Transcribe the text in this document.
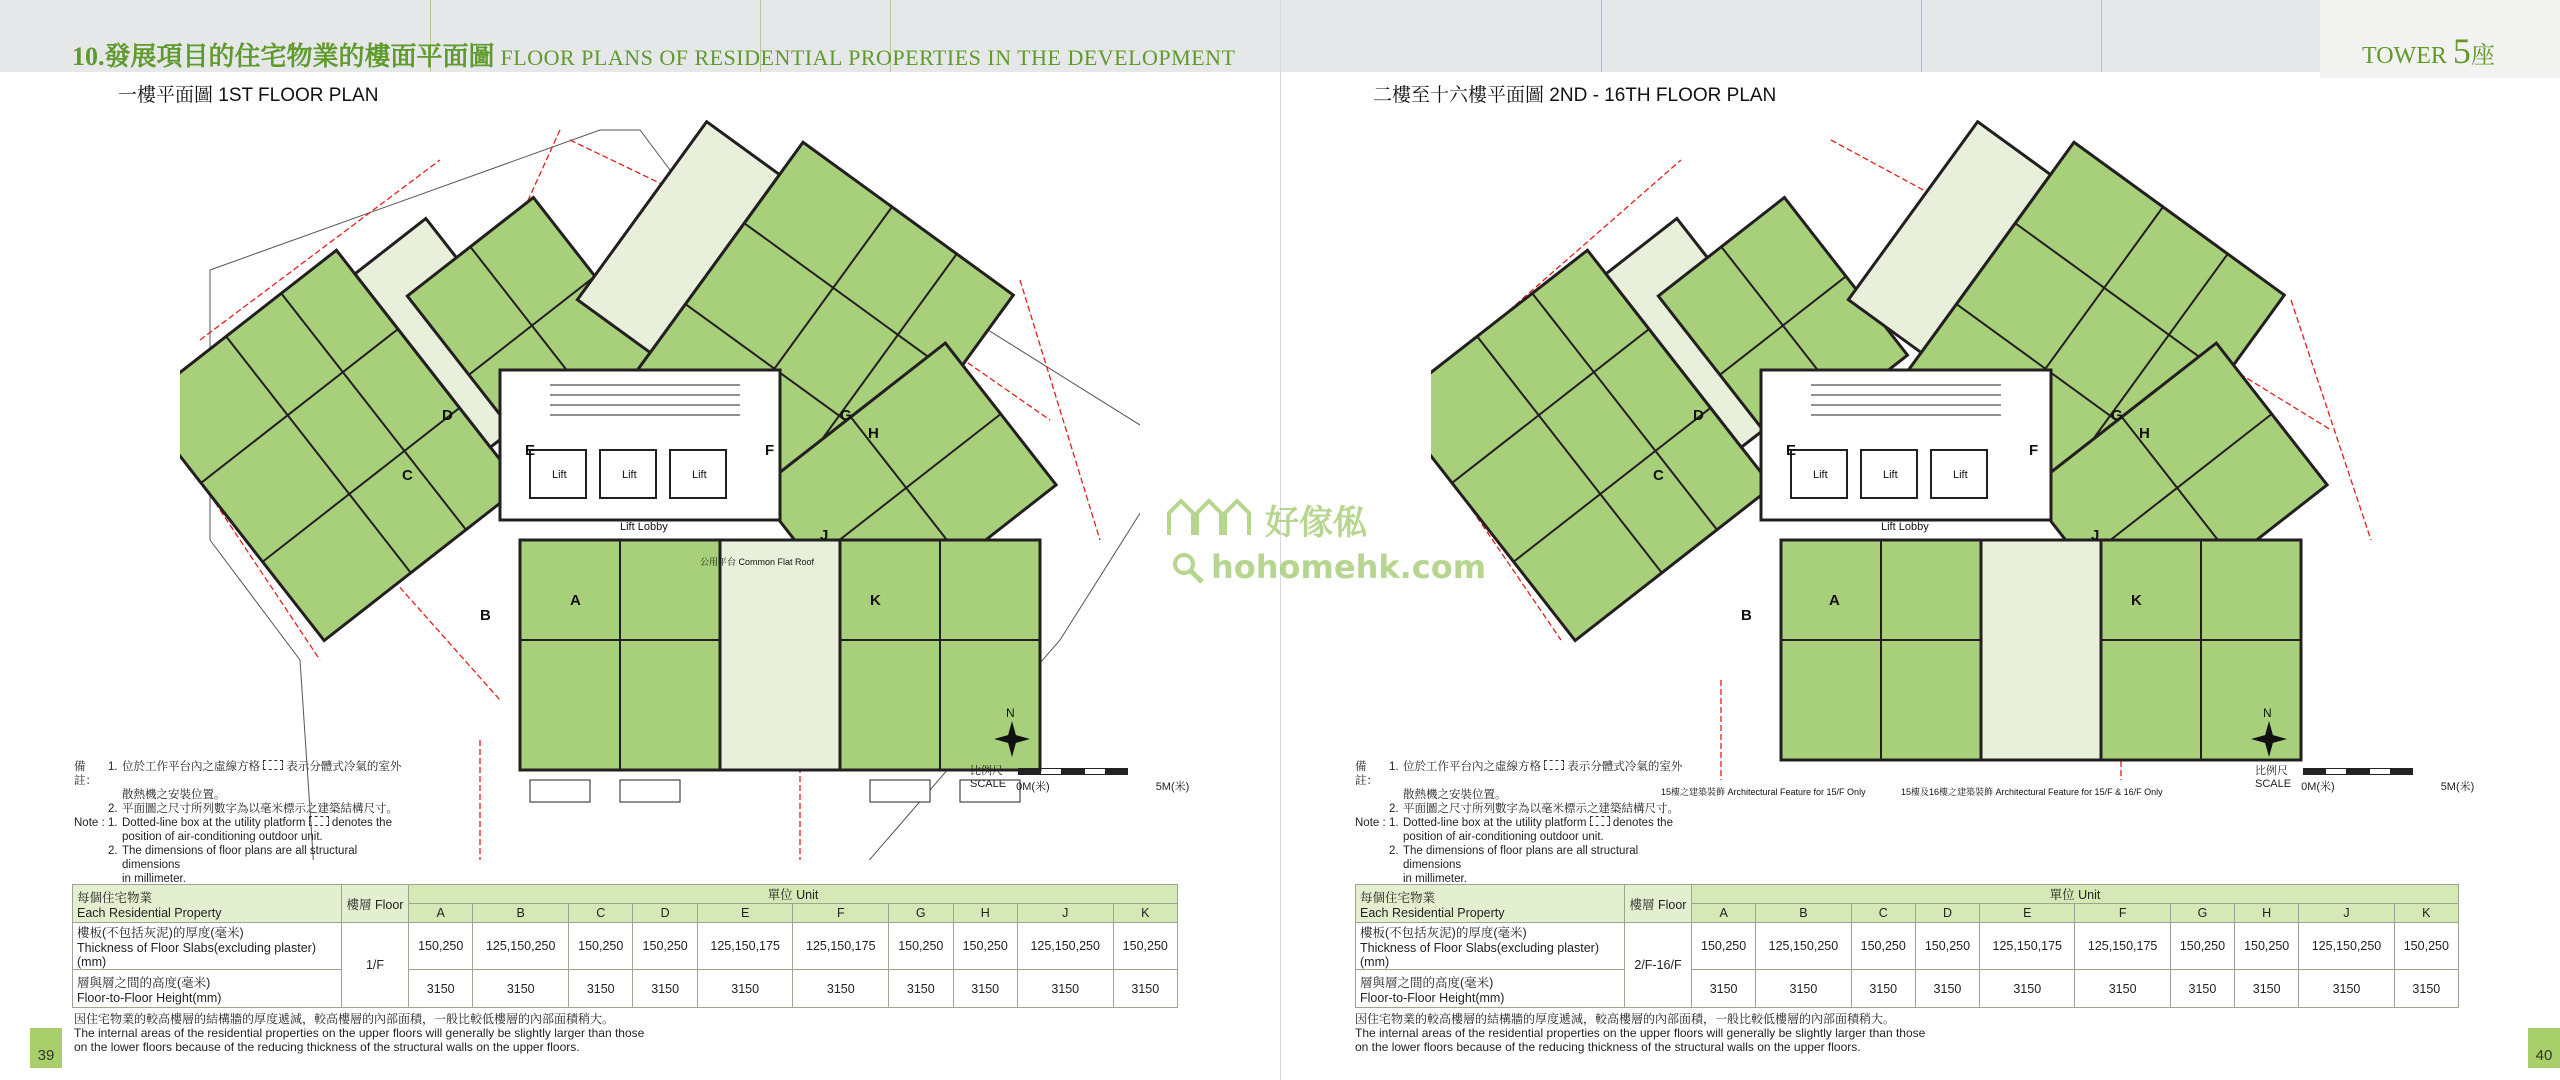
10.發展項目的住宅物業的樓面平面圖 FLOOR PLANS OF RESIDENTIAL PROPERTIES IN THE DEVELOPMENT
一樓平面圖 1ST FLOOR PLAN
Lift	Lift	Lift
Lift Lobby
公用平台 Common Flat Roof
A
B
C
D
E	F
G
H
J
K
備註：
1. 位於工作平台內之虛線方格 表示分體式冷氣的室外
散熱機之安裝位置。
2. 平面圖之尺寸所列數字為以毫米標示之建築結構尺寸。
Note : 1. Dotted-line box at the utility platform denotes the
position of air-conditioning outdoor unit.
2. The dimensions of floor plans are all structural dimensions
in millimeter.
N
比例尺
SCALE 0M(米)	5M(米)
每個住宅物業
Each Residential Property	樓層 Floor	單位 Unit									
		A	B	C	D	E	F	G	H	J	K

樓板(不包括灰泥)的厚度(毫米)
Thickness of Floor Slabs(excluding plaster)(mm)	1/F	150,250	125,150,250	150,250	150,250	125,150,175	125,150,175	150,250	150,250	125,150,250	150,250

層與層之間的高度(毫米)
Floor-to-Floor Height(mm)		3150	3150	3150	3150	3150	3150	3150	3150	3150	3150
因住宅物業的較高樓層的結構牆的厚度遞減，較高樓層的內部面積，一般比較低樓層的內部面積稍大。
The internal areas of the residential properties on the upper floors will generally be slightly larger than those
on the lower floors because of the reducing thickness of the structural walls on the upper floors.
39
TOWER 5座
二樓至十六樓平面圖 2ND - 16TH FLOOR PLAN
Lift	Lift	Lift
Lift Lobby
15樓之建築裝飾 Architectural Feature for 15/F Only	15樓及16樓之建築裝飾 Architectural Feature for 15/F & 16/F Only
A
B
C
D
E	F
G
H
J
K
備註：
1. 位於工作平台內之虛線方格 表示分體式冷氣的室外
散熱機之安裝位置。
2. 平面圖之尺寸所列數字為以毫米標示之建築結構尺寸。
Note : 1. Dotted-line box at the utility platform denotes the
position of air-conditioning outdoor unit.
2. The dimensions of floor plans are all structural dimensions
in millimeter.
N
比例尺
SCALE 0M(米)	5M(米)
每個住宅物業
Each Residential Property	樓層 Floor	單位 Unit									
		A	B	C	D	E	F	G	H	J	K

樓板(不包括灰泥)的厚度(毫米)
Thickness of Floor Slabs(excluding plaster)(mm)	2/F-16/F	150,250	125,150,250	150,250	150,250	125,150,175	125,150,175	150,250	150,250	125,150,250	150,250

層與層之間的高度(毫米)
Floor-to-Floor Height(mm)		3150	3150	3150	3150	3150	3150	3150	3150	3150	3150
因住宅物業的較高樓層的結構牆的厚度遞減，較高樓層的內部面積，一般比較低樓層的內部面積稍大。
The internal areas of the residential properties on the upper floors will generally be slightly larger than those
on the lower floors because of the reducing thickness of the structural walls on the upper floors.	40
好傢俬
hohomehk.com
